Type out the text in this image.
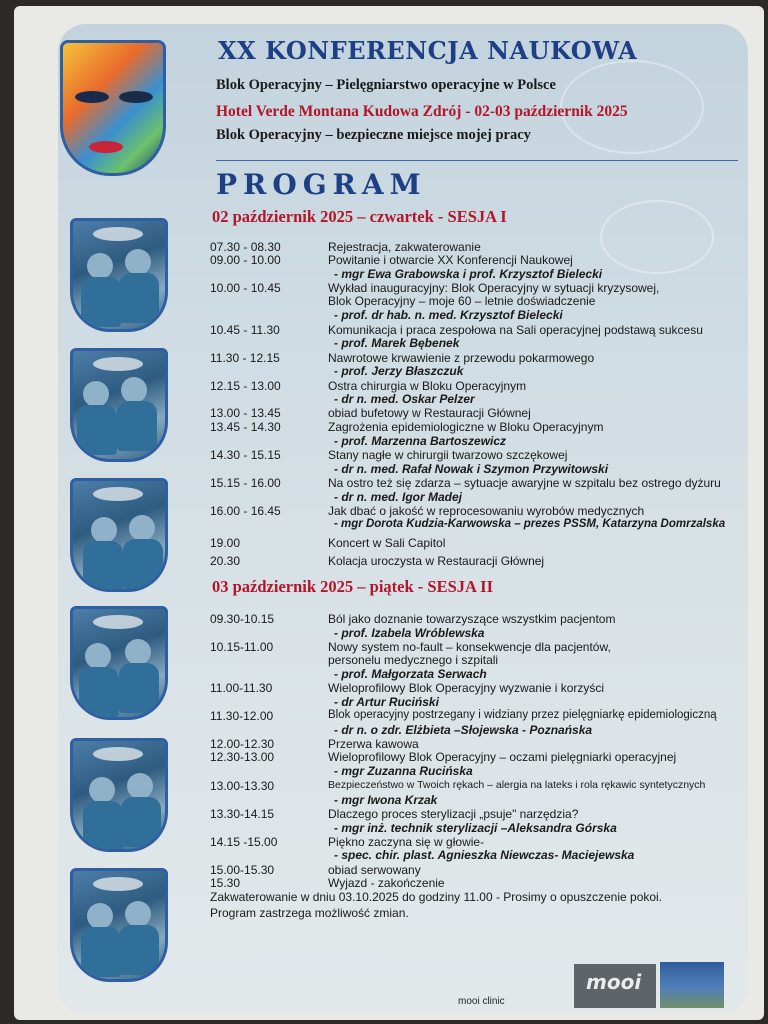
XX KONFERENCJA NAUKOWA
Blok Operacyjny – Pielęgniarstwo operacyjne w Polsce
Hotel Verde Montana Kudowa Zdrój - 02-03 październik 2025
Blok Operacyjny – bezpieczne miejsce mojej pracy
PROGRAM
02 październik 2025 – czwartek - SESJA I
03 październik 2025 – piątek - SESJA II
07.30 - 08.30	Rejestracja, zakwaterowanie
09.00 - 10.00	Powitanie i otwarcie XX Konferencji Naukowej
- mgr Ewa Grabowska i prof. Krzysztof Bielecki
10.00 - 10.45	Wykład inauguracyjny: Blok Operacyjny w sytuacji kryzysowej,
Blok Operacyjny – moje 60 – letnie doświadczenie
- prof. dr hab. n. med. Krzysztof Bielecki
10.45 - 11.30	Komunikacja i praca zespołowa na Sali operacyjnej podstawą sukcesu
- prof. Marek Bębenek
11.30 - 12.15	Nawrotowe krwawienie z przewodu pokarmowego
- prof. Jerzy Błaszczuk
12.15 - 13.00	Ostra chirurgia w Bloku Operacyjnym
- dr n. med. Oskar Pelzer
13.00 - 13.45	obiad bufetowy w Restauracji Głównej
13.45 - 14.30	Zagrożenia epidemiologiczne w Bloku Operacyjnym
- prof. Marzenna Bartoszewicz
14.30 - 15.15	Stany nagłe w chirurgii twarzowo szczękowej
- dr n. med. Rafał Nowak i Szymon Przywitowski
15.15 - 16.00	Na ostro też się zdarza – sytuacje awaryjne w szpitalu bez ostrego dyżuru
- dr n. med. Igor Madej
16.00 - 16.45	Jak dbać o jakość w reprocesowaniu wyrobów medycznych
- mgr Dorota Kudzia-Karwowska – prezes PSSM, Katarzyna Domrzalska
19.00	Koncert w Sali Capitol
20.30	Kolacja uroczysta w Restauracji Głównej
09.30-10.15	Ból jako doznanie towarzyszące wszystkim pacjentom
- prof. Izabela Wróblewska
10.15-11.00	Nowy system no-fault – konsekwencje dla pacjentów,
personelu medycznego i szpitali
- prof. Małgorzata Serwach
11.00-11.30	Wieloprofilowy Blok Operacyjny wyzwanie i korzyści
- dr Artur Ruciński
11.30-12.00	Blok operacyjny postrzegany i widziany przez pielęgniarkę epidemiologiczną
- dr n. o zdr. Elżbieta –Słojewska - Poznańska
12.00-12.30	Przerwa kawowa
12.30-13.00	Wieloprofilowy Blok Operacyjny – oczami pielęgniarki operacyjnej
- mgr Zuzanna Rucińska
13.00-13.30	Bezpieczeństwo w Twoich rękach – alergia na lateks i rola rękawic syntetycznych
- mgr Iwona Krzak
13.30-14.15	Dlaczego proces sterylizacji „psuje" narzędzia?
- mgr inż. technik sterylizacji –Aleksandra Górska
14.15 -15.00	Piękno zaczyna się w głowie-
- spec. chir. plast. Agnieszka Niewczas- Maciejewska
15.00-15.30	obiad serwowany
15.30	Wyjazd - zakończenie
Zakwaterowanie w dniu 03.10.2025 do godziny 11.00 - Prosimy o opuszczenie pokoi.
Program zastrzega możliwość zmian.
mooi clinic
mooi
